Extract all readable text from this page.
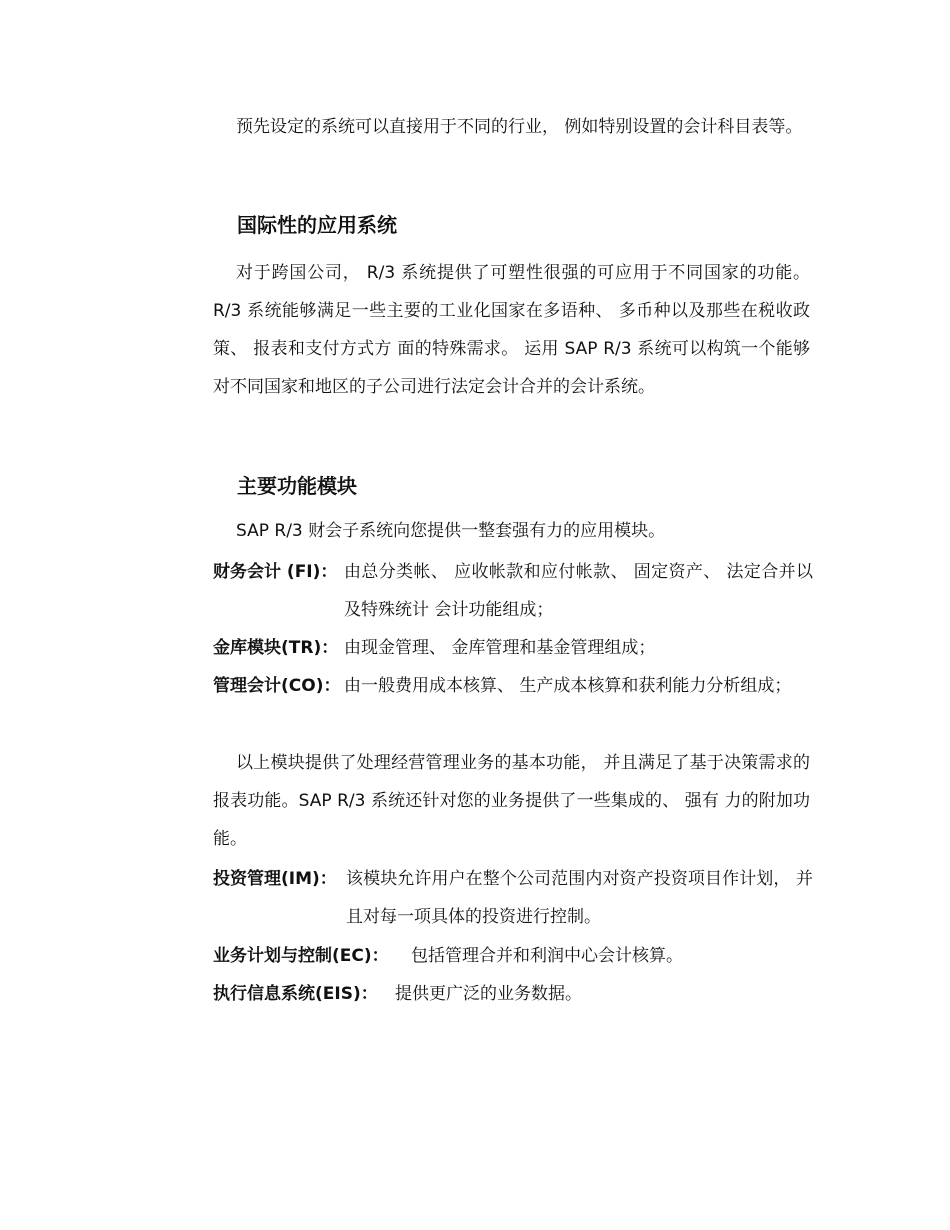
预先设定的系统可以直接用于不同的行业， 例如特别设置的会计科目表等。

国际性的应用系统

对于跨国公司， R/3 系统提供了可塑性很强的可应用于不同国家的功能。 R/3 系统能够满足一些主要的工业化国家在多语种、 多币种以及那些在税收政策、 报表和支付方式方 面的特殊需求。 运用 SAP R/3 系统可以构筑一个能够对不同国家和地区的子公司进行法定会计合并的会计系统。

主要功能模块

SAP R/3 财会子系统向您提供一整套强有力的应用模块。

财务会计 (FI)： 由总分类帐、 应收帐款和应付帐款、 固定资产、 法定合并以及特殊统计 会计功能组成；
金库模块(TR)： 由现金管理、 金库管理和基金管理组成；
管理会计(CO)： 由一般费用成本核算、 生产成本核算和获利能力分析组成；

以上模块提供了处理经营管理业务的基本功能， 并且满足了基于决策需求的报表功能。SAP R/3 系统还针对您的业务提供了一些集成的、 强有 力的附加功能。

投资管理(IM)： 该模块允许用户在整个公司范围内对资产投资项目作计划， 并且对每一项具体的投资进行控制。
业务计划与控制(EC)： 包括管理合并和利润中心会计核算。
执行信息系统(EIS)： 提供更广泛的业务数据。
